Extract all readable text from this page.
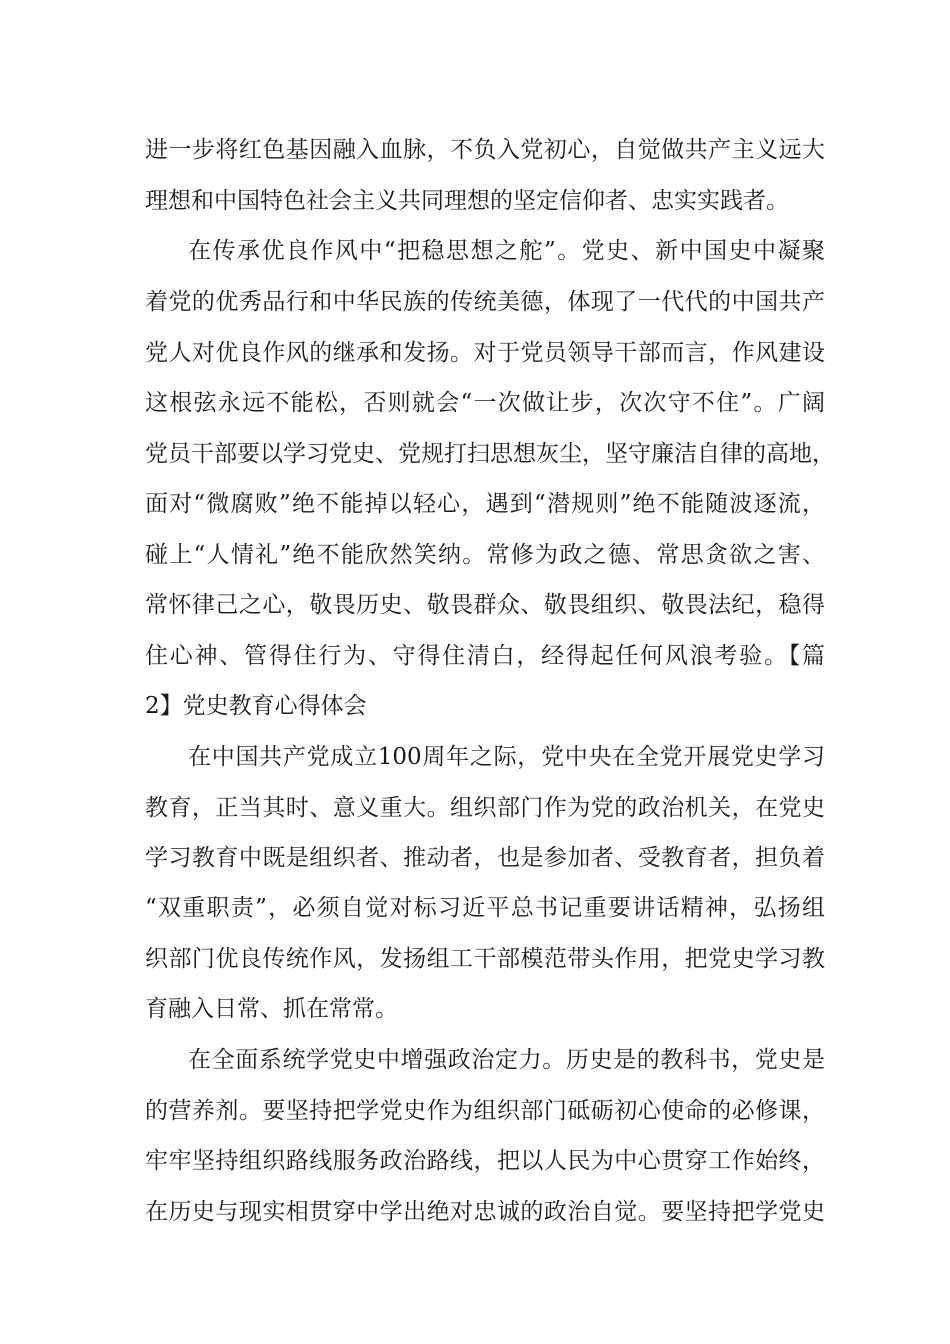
进一步将红色基因融入血脉，不负入党初心，自觉做共产主义远大
理想和中国特色社会主义共同理想的坚定信仰者、忠实实践者。
在传承优良作风中“把稳思想之舵”。党史、新中国史中凝聚
着党的优秀品行和中华民族的传统美德，体现了一代代的中国共产
党人对优良作风的继承和发扬。对于党员领导干部而言，作风建设
这根弦永远不能松，否则就会“一次做让步，次次守不住”。广阔
党员干部要以学习党史、党规打扫思想灰尘，坚守廉洁自律的高地，
面对“微腐败”绝不能掉以轻心，遇到“潜规则”绝不能随波逐流，
碰上“人情礼”绝不能欣然笑纳。常修为政之德、常思贪欲之害、
常怀律己之心，敬畏历史、敬畏群众、敬畏组织、敬畏法纪，稳得
住心神、管得住行为、守得住清白，经得起任何风浪考验。【篇
2】党史教育心得体会
在中国共产党成立100周年之际，党中央在全党开展党史学习
教育，正当其时、意义重大。组织部门作为党的政治机关，在党史
学习教育中既是组织者、推动者，也是参加者、受教育者，担负着
“双重职责”，必须自觉对标习近平总书记重要讲话精神，弘扬组
织部门优良传统作风，发扬组工干部模范带头作用，把党史学习教
育融入日常、抓在常常。
在全面系统学党史中增强政治定力。历史是的教科书，党史是
的营养剂。要坚持把学党史作为组织部门砥砺初心使命的必修课，
牢牢坚持组织路线服务政治路线，把以人民为中心贯穿工作始终，
在历史与现实相贯穿中学出绝对忠诚的政治自觉。要坚持把学党史
